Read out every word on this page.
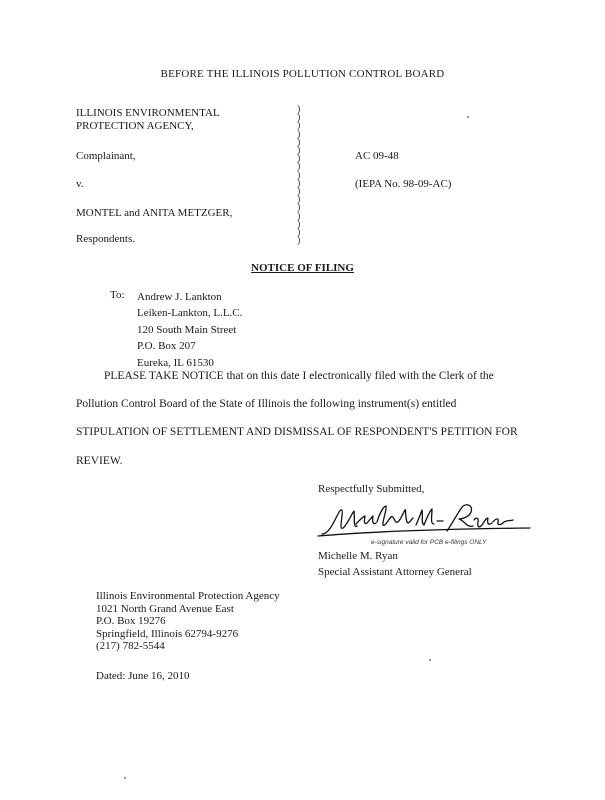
BEFORE THE ILLINOIS POLLUTION CONTROL BOARD
ILLINOIS ENVIRONMENTAL
PROTECTION AGENCY,
Complainant,
v.
MONTEL and ANITA METZGER,
Respondents.
)
)
)
)
)
)
)
)
)
)
)
)
)
)
)
)
)
AC 09-48
(IEPA No. 98-09-AC)
NOTICE OF FILING
To: Andrew J. Lankton
Leiken-Lankton, L.L.C.
120 South Main Street
P.O. Box 207
Eureka, IL 61530
PLEASE TAKE NOTICE that on this date I electronically filed with the Clerk of the
Pollution Control Board of the State of Illinois the following instrument(s) entitled
STIPULATION OF SETTLEMENT AND DISMISSAL OF RESPONDENT'S PETITION FOR
REVIEW.
Respectfully Submitted,
e-signature valid for PCB e-filings ONLY
Michelle M. Ryan
Special Assistant Attorney General
Illinois Environmental Protection Agency
1021 North Grand Avenue East
P.O. Box 19276
Springfield, Illinois 62794-9276
(217) 782-5544
Dated: June 16, 2010
